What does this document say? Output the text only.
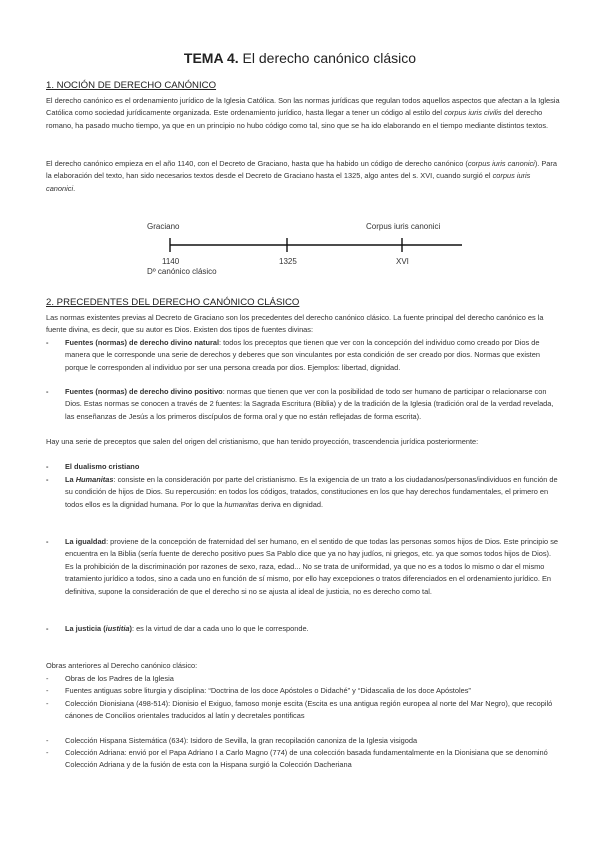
TEMA 4. El derecho canónico clásico
1. NOCIÓN DE DERECHO CANÓNICO
El derecho canónico es el ordenamiento jurídico de la Iglesia Católica. Son las normas jurídicas que regulan todos aquellos aspectos que afectan a la Iglesia Católica como sociedad jurídicamente organizada. Este ordenamiento jurídico, hasta llegar a tener un código al estilo del corpus iuris civilis del derecho romano, ha pasado mucho tiempo, ya que en un principio no hubo código como tal, sino que se ha ido elaborando en el tiempo mediante distintos textos.
El derecho canónico empieza en el año 1140, con el Decreto de Graciano, hasta que ha habido un código de derecho canónico (corpus iuris canonici). Para la elaboración del texto, han sido necesarios textos desde el Decreto de Graciano hasta el 1325, algo antes del s. XVI, cuando surgió el corpus iuris canonici.
Graciano	Corpus iuris canonici
1140	1325	XVI
Dº canónico clásico
2. PRECEDENTES DEL DERECHO CANÓNICO CLÁSICO
Las normas existentes previas al Decreto de Graciano son los precedentes del derecho canónico clásico. La fuente principal del derecho canónico es la fuente divina, es decir, que su autor es Dios. Existen dos tipos de fuentes divinas:
-	Fuentes (normas) de derecho divino natural: todos los preceptos que tienen que ver con la concepción del individuo como creado por Dios de manera que le corresponde una serie de derechos y deberes que son vinculantes por esta condición de ser creado por dios. Normas que existen porque le corresponden al individuo por ser una persona creada por dios. Ejemplos: libertad, dignidad.
-	Fuentes (normas) de derecho divino positivo: normas que tienen que ver con la posibilidad de todo ser humano de participar o relacionarse con Dios. Estas normas se conocen a través de 2 fuentes: la Sagrada Escritura (Biblia) y de la tradición de la Iglesia (tradición oral de la verdad revelada, las enseñanzas de Jesús a los primeros discípulos de forma oral y que no están reflejadas de forma escrita).
Hay una serie de preceptos que salen del origen del cristianismo, que han tenido proyección, trascendencia jurídica posteriormente:
-	El dualismo cristiano
-	La Humanitas: consiste en la consideración por parte del cristianismo. Es la exigencia de un trato a los ciudadanos/personas/individuos en función de su condición de hijos de Dios. Su repercusión: en todos los códigos, tratados, constituciones en los que hay derechos fundamentales, el primero en todos ellos es la dignidad humana. Por lo que la humanitas deriva en dignidad.
-	La igualdad: proviene de la concepción de fraternidad del ser humano, en el sentido de que todas las personas somos hijos de Dios. Este principio se encuentra en la Biblia (sería fuente de derecho positivo pues Sa Pablo dice que ya no hay judíos, ni griegos, etc. ya que somos todos hijos de Dios). Es la prohibición de la discriminación por razones de sexo, raza, edad... No se trata de uniformidad, ya que no es a todos lo mismo o dar el mismo tratamiento jurídico a todos, sino a cada uno en función de sí mismo, por ello hay excepciones o tratos diferenciados en el ordenamiento jurídico. En definitiva, supone la consideración de que el derecho si no se ajusta al ideal de justicia, no es derecho como tal.
-	La justicia (iustitia): es la virtud de dar a cada uno lo que le corresponde.
Obras anteriores al Derecho canónico clásico:
-	Obras de los Padres de la Iglesia
-	Fuentes antiguas sobre liturgia y disciplina: “Doctrina de los doce Apóstoles o Didaché” y “Didascalia de los doce Apóstoles”
-	Colección Dionisiana (498-514): Dionisio el Exiguo, famoso monje escita (Escita es una antigua región europea al norte del Mar Negro), que recopiló cánones de Concilios orientales traducidos al latín y decretales pontificas
-	Colección Hispana Sistemática (634): Isidoro de Sevilla, la gran recopilación canoniza de la Iglesia visigoda
-	Colección Adriana: envió por el Papa Adriano I a Carlo Magno (774) de una colección basada fundamentalmente en la Dionisiana que se denominó Colección Adriana y de la fusión de esta con la Hispana surgió la Colección Dacheriana
